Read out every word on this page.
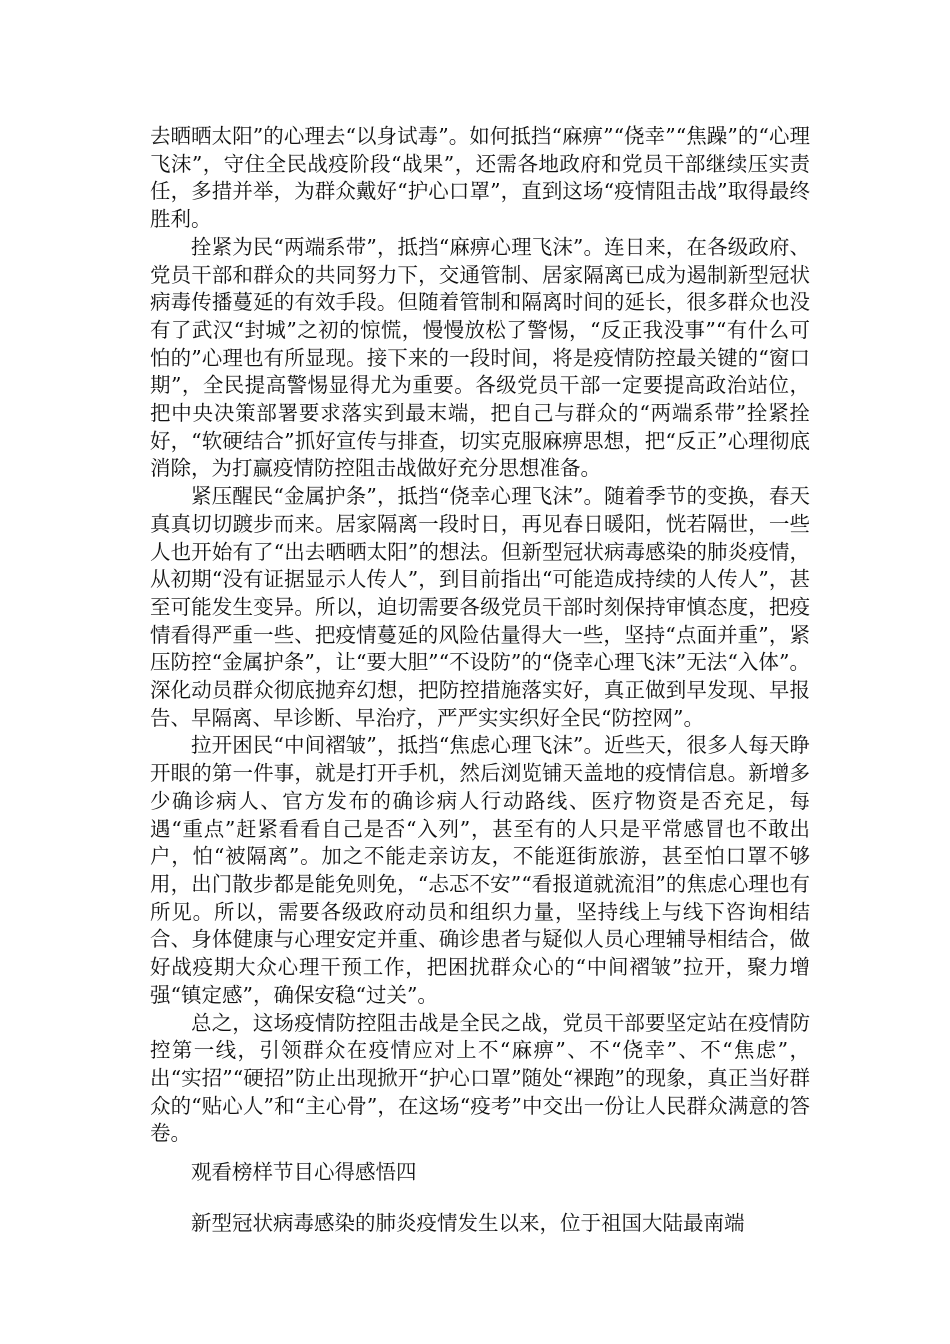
去晒晒太阳”的心理去“以身试毒”。如何抵挡“麻痹”“侥幸”“焦躁”的“心理飞沫”，守住全民战疫阶段“战果”，还需各地政府和党员干部继续压实责任，多措并举，为群众戴好“护心口罩”，直到这场“疫情阻击战”取得最终胜利。

拴紧为民“两端系带”，抵挡“麻痹心理飞沫”。连日来，在各级政府、党员干部和群众的共同努力下，交通管制、居家隔离已成为遏制新型冠状病毒传播蔓延的有效手段。但随着管制和隔离时间的延长，很多群众也没有了武汉“封城”之初的惊慌，慢慢放松了警惕，“反正我没事”“有什么可怕的”心理也有所显现。接下来的一段时间，将是疫情防控最关键的“窗口期”，全民提高警惕显得尤为重要。各级党员干部一定要提高政治站位，把中央决策部署要求落实到最末端，把自己与群众的“两端系带”拴紧拴好，“软硬结合”抓好宣传与排查，切实克服麻痹思想，把“反正”心理彻底消除，为打赢疫情防控阻击战做好充分思想准备。

紧压醒民“金属护条”，抵挡“侥幸心理飞沫”。随着季节的变换，春天真真切切踱步而来。居家隔离一段时日，再见春日暖阳，恍若隔世，一些人也开始有了“出去晒晒太阳”的想法。但新型冠状病毒感染的肺炎疫情，从初期“没有证据显示人传人”，到目前指出“可能造成持续的人传人”，甚至可能发生变异。所以，迫切需要各级党员干部时刻保持审慎态度，把疫情看得严重一些、把疫情蔓延的风险估量得大一些，坚持“点面并重”，紧压防控“金属护条”，让“要大胆”“不设防”的“侥幸心理飞沫”无法“入体”。深化动员群众彻底抛弃幻想，把防控措施落实好，真正做到早发现、早报告、早隔离、早诊断、早治疗，严严实实织好全民“防控网”。

拉开困民“中间褶皱”，抵挡“焦虑心理飞沫”。近些天，很多人每天睁开眼的第一件事，就是打开手机，然后浏览铺天盖地的疫情信息。新增多少确诊病人、官方发布的确诊病人行动路线、医疗物资是否充足，每遇“重点”赶紧看看自己是否“入列”，甚至有的人只是平常感冒也不敢出户，怕“被隔离”。加之不能走亲访友，不能逛街旅游，甚至怕口罩不够用，出门散步都是能免则免，“忐忑不安”“看报道就流泪”的焦虑心理也有所见。所以，需要各级政府动员和组织力量，坚持线上与线下咨询相结合、身体健康与心理安定并重、确诊患者与疑似人员心理辅导相结合，做好战疫期大众心理干预工作，把困扰群众心的“中间褶皱”拉开，聚力增强“镇定感”，确保安稳“过关”。

总之，这场疫情防控阻击战是全民之战，党员干部要坚定站在疫情防控第一线，引领群众在疫情应对上不“麻痹”、不“侥幸”、不“焦虑”，出“实招”“硬招”防止出现掀开“护心口罩”随处“裸跑”的现象，真正当好群众的“贴心人”和“主心骨”，在这场“疫考”中交出一份让人民群众满意的答卷。

观看榜样节目心得感悟四

新型冠状病毒感染的肺炎疫情发生以来，位于祖国大陆最南端
